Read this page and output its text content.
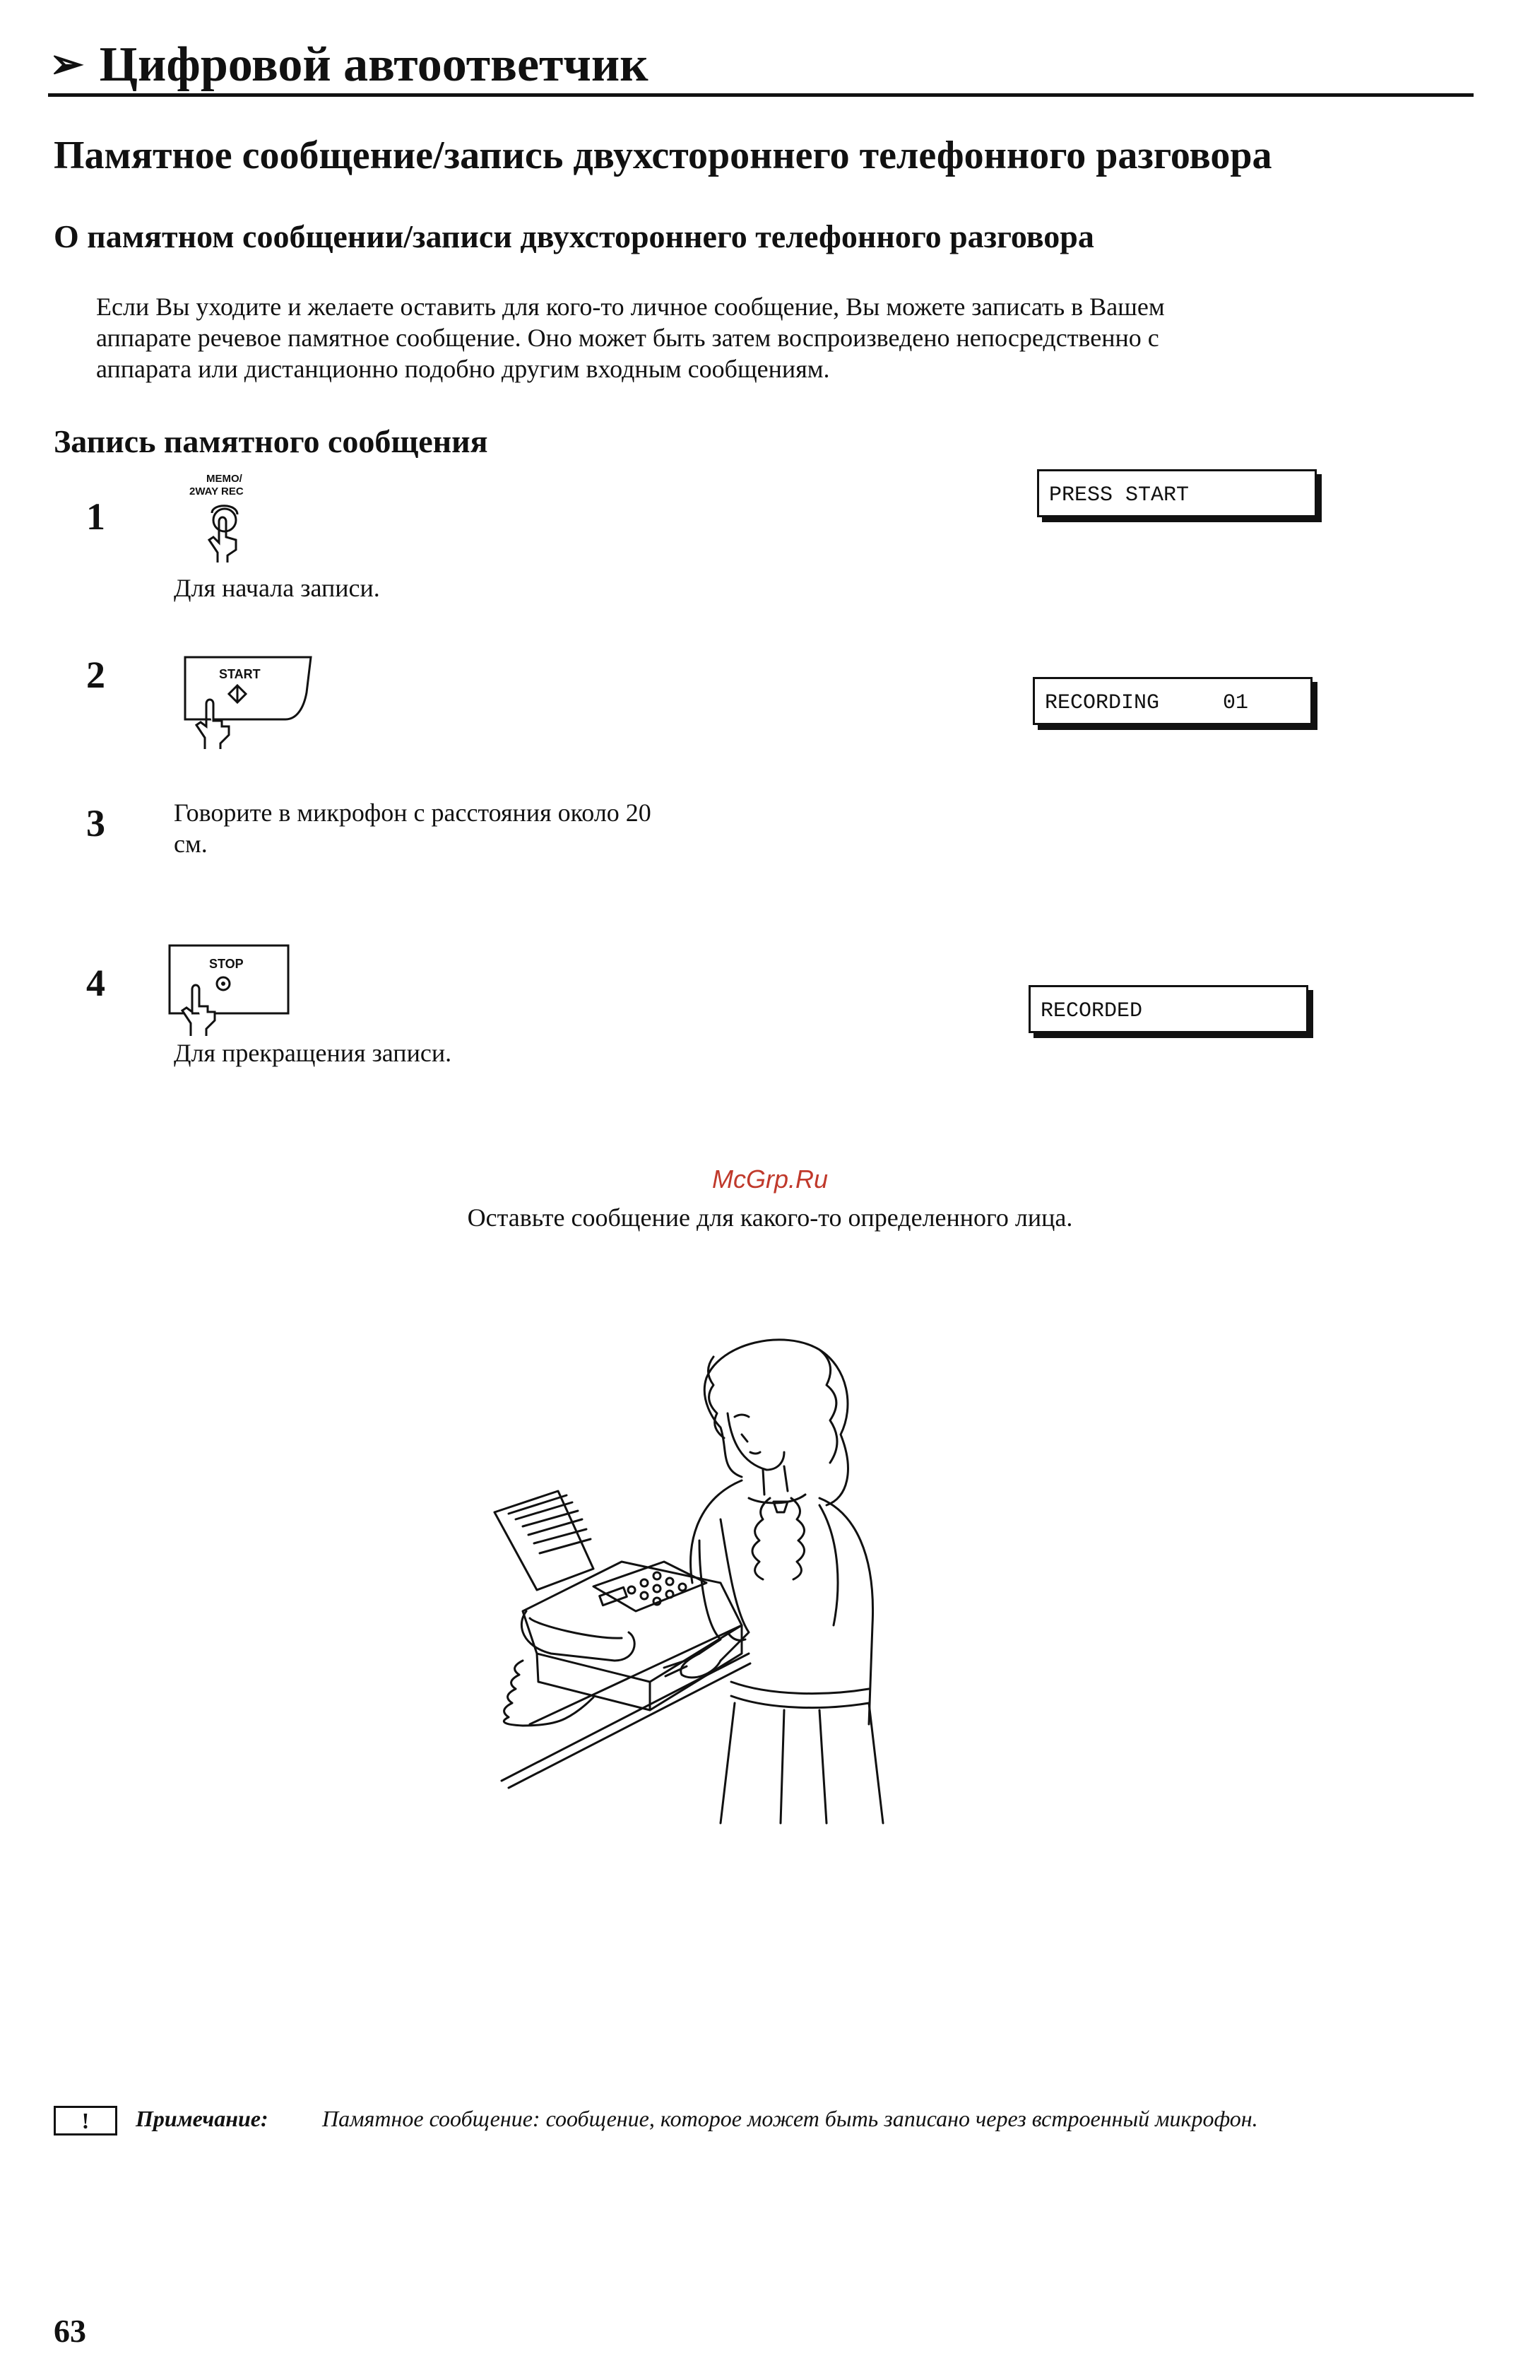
➢ Цифровой автоответчик
Памятное сообщение/запись двухстороннего телефонного разговора
О памятном сообщении/записи двухстороннего телефонного разговора
Если Вы уходите и желаете оставить для кого-то личное сообщение, Вы можете записать в Вашем
аппарате речевое памятное сообщение. Оно может быть затем воспроизведено непосредственно с
аппарата или дистанционно подобно другим входным сообщениям.
Запись памятного сообщения
1
MEMO/
2WAY REC
Для начала записи.
PRESS START
2	START
RECORDING     01
3	Говорите в микрофон с расстояния около 20
см.
4	STOP
Для прекращения записи.
RECORDED
McGrp.Ru
Оставьте сообщение для какого-то определенного лица.
!	Примечание: Памятное сообщение: сообщение, которое может быть записано через встроенный микрофон.
63
